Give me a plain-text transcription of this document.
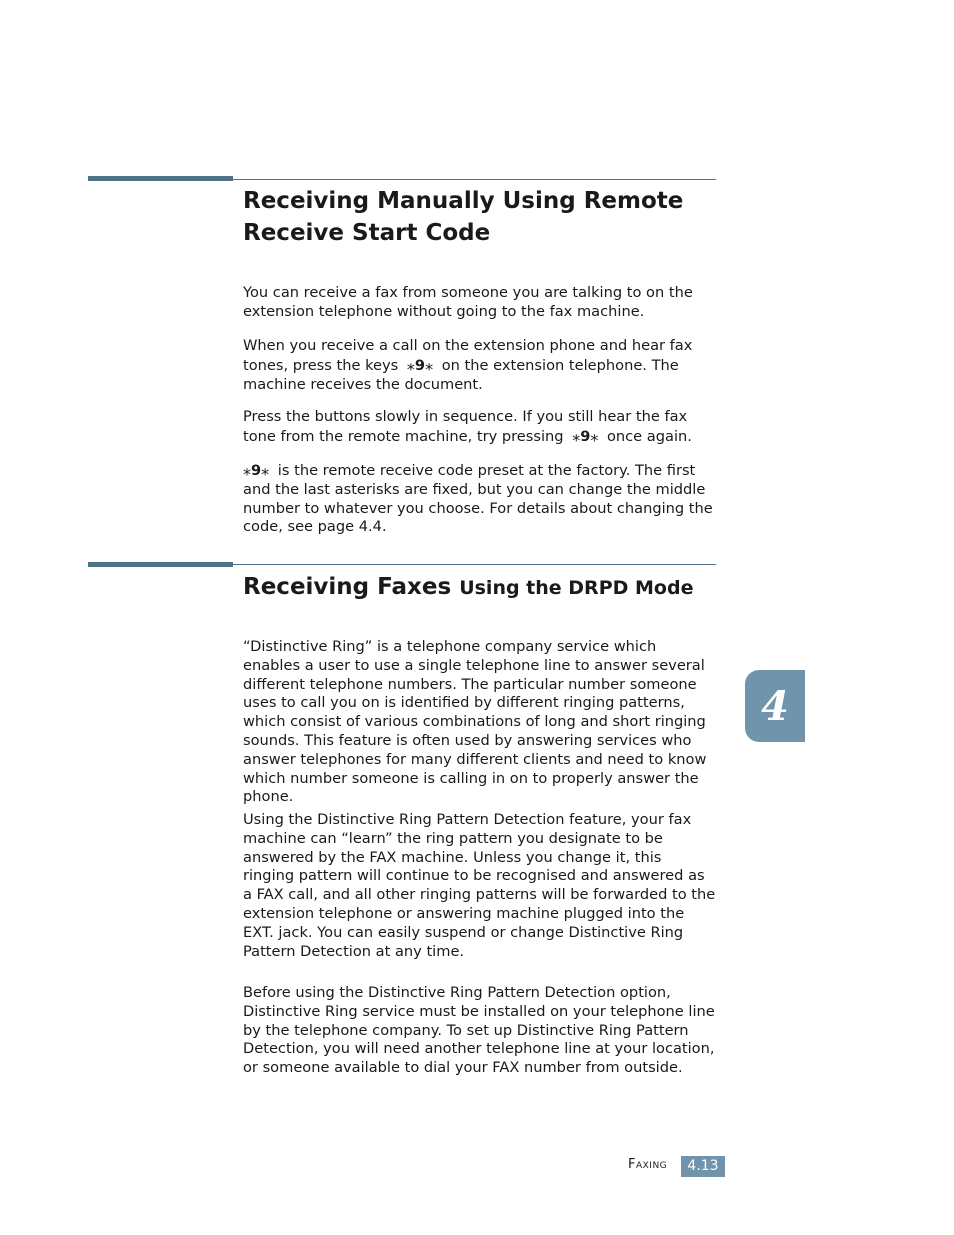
Receiving Manually Using Remote Receive Start Code

You can receive a fax from someone you are talking to on the extension telephone without going to the fax machine.

When you receive a call on the extension phone and hear fax tones, press the keys ⁎9⁎ on the extension telephone. The machine receives the document.

Press the buttons slowly in sequence. If you still hear the fax tone from the remote machine, try pressing ⁎9⁎ once again.

⁎9⁎ is the remote receive code preset at the factory. The first and the last asterisks are fixed, but you can change the middle number to whatever you choose. For details about changing the code, see page 4.4.

Receiving Faxes Using the DRPD Mode

“Distinctive Ring” is a telephone company service which enables a user to use a single telephone line to answer several different telephone numbers. The particular number someone uses to call you on is identified by different ringing patterns, which consist of various combinations of long and short ringing sounds. This feature is often used by answering services who answer telephones for many different clients and need to know which number someone is calling in on to properly answer the phone.

Using the Distinctive Ring Pattern Detection feature, your fax machine can “learn” the ring pattern you designate to be answered by the FAX machine. Unless you change it, this ringing pattern will continue to be recognised and answered as a FAX call, and all other ringing patterns will be forwarded to the extension telephone or answering machine plugged into the EXT. jack. You can easily suspend or change Distinctive Ring Pattern Detection at any time.

Before using the Distinctive Ring Pattern Detection option, Distinctive Ring service must be installed on your telephone line by the telephone company. To set up Distinctive Ring Pattern Detection, you will need another telephone line at your location, or someone available to dial your FAX number from outside.

4
Faxing	4.13
